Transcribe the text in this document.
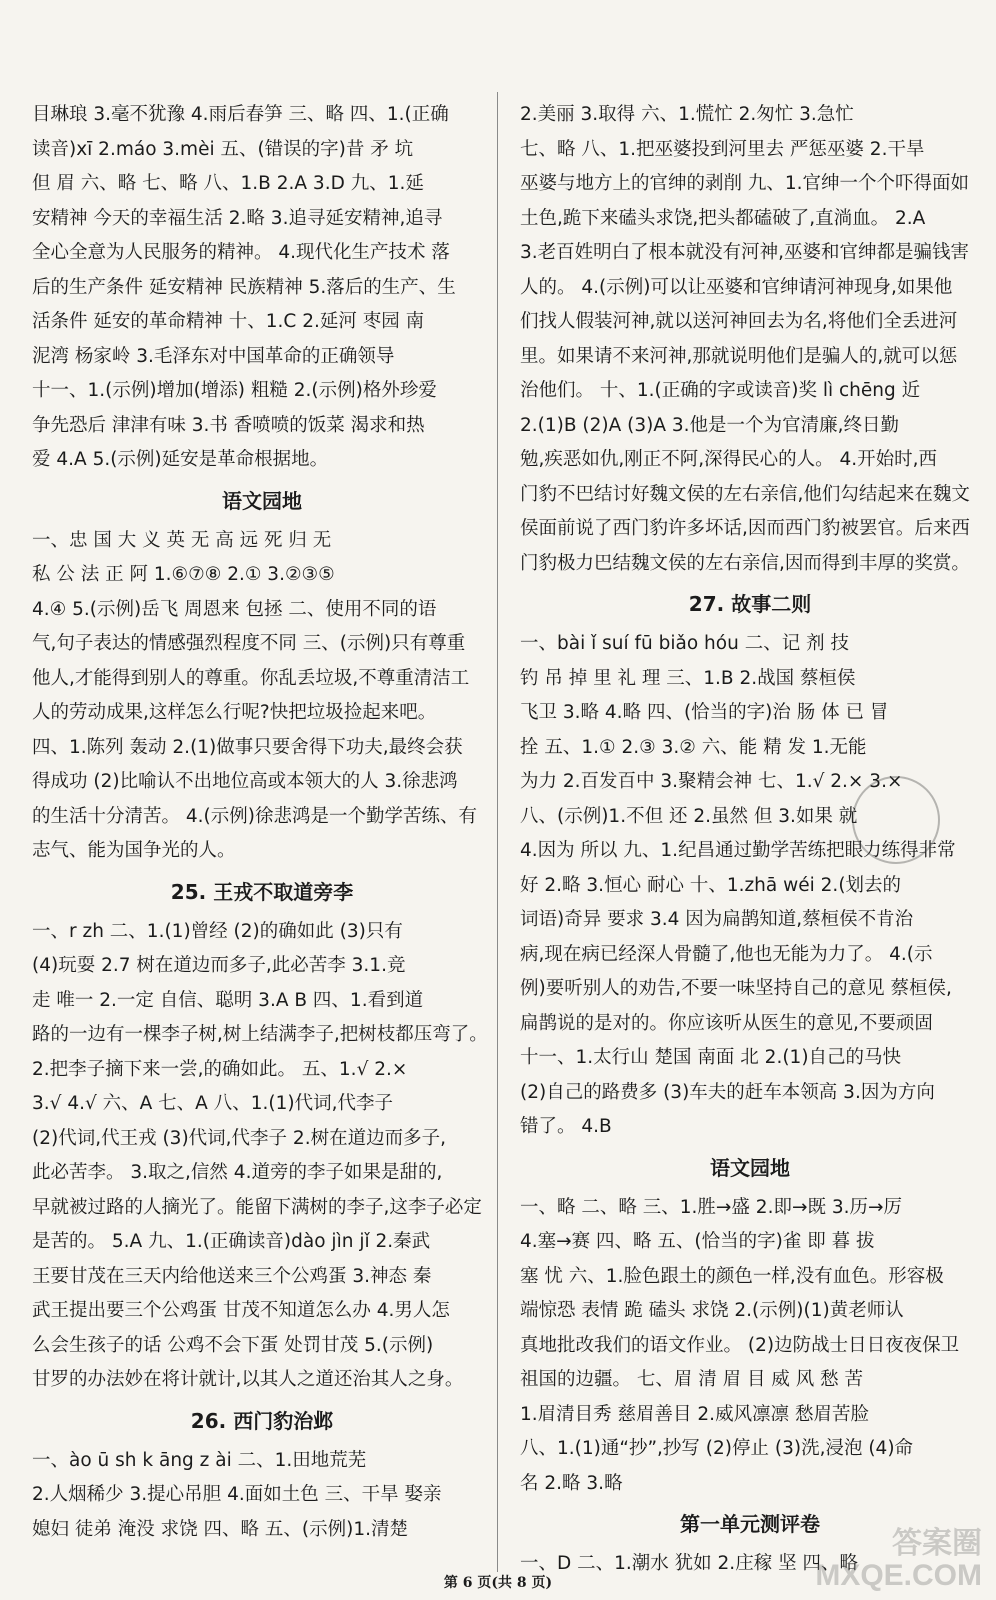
目琳琅 3.毫不犹豫 4.雨后春笋 三、略 四、1.(正确
读音)xī 2.máo 3.mèi 五、(错误的字)昔 矛 坑
但 眉 六、略 七、略 八、1.B 2.A 3.D 九、1.延
安精神 今天的幸福生活 2.略 3.追寻延安精神,追寻
全心全意为人民服务的精神。 4.现代化生产技术 落
后的生产条件 延安精神 民族精神 5.落后的生产、生
活条件 延安的革命精神 十、1.C 2.延河 枣园 南
泥湾 杨家岭 3.毛泽东对中国革命的正确领导
十一、1.(示例)增加(增添) 粗糙 2.(示例)格外珍爱
争先恐后 津津有味 3.书 香喷喷的饭菜 渴求和热
爱 4.A 5.(示例)延安是革命根据地。
语文园地
一、忠 国 大 义 英 无 高 远 死 归 无
私 公 法 正 阿 1.⑥⑦⑧ 2.① 3.②③⑤
4.④ 5.(示例)岳飞 周恩来 包拯 二、使用不同的语
气,句子表达的情感强烈程度不同 三、(示例)只有尊重
他人,才能得到别人的尊重。你乱丢垃圾,不尊重清洁工
人的劳动成果,这样怎么行呢?快把垃圾捡起来吧。
四、1.陈列 轰动 2.(1)做事只要舍得下功夫,最终会获
得成功 (2)比喻认不出地位高或本领大的人 3.徐悲鸿
的生活十分清苦。 4.(示例)徐悲鸿是一个勤学苦练、有
志气、能为国争光的人。
25. 王戎不取道旁李
一、r zh 二、1.(1)曾经 (2)的确如此 (3)只有
(4)玩耍 2.7 树在道边而多子,此必苦李 3.1.竞
走 唯一 2.一定 自信、聪明 3.A B 四、1.看到道
路的一边有一棵李子树,树上结满李子,把树枝都压弯了。
2.把李子摘下来一尝,的确如此。 五、1.√ 2.×
3.√ 4.√ 六、A 七、A 八、1.(1)代词,代李子
(2)代词,代王戎 (3)代词,代李子 2.树在道边而多子,
此必苦李。 3.取之,信然 4.道旁的李子如果是甜的,
早就被过路的人摘光了。能留下满树的李子,这李子必定
是苦的。 5.A 九、1.(正确读音)dào jìn jǐ 2.秦武
王要甘茂在三天内给他送来三个公鸡蛋 3.神态 秦
武王提出要三个公鸡蛋 甘茂不知道怎么办 4.男人怎
么会生孩子的话 公鸡不会下蛋 处罚甘茂 5.(示例)
甘罗的办法妙在将计就计,以其人之道还治其人之身。
26. 西门豹治邺
一、ào ū sh k āng z ài 二、1.田地荒芜
2.人烟稀少 3.提心吊胆 4.面如土色 三、干旱 娶亲
媳妇 徒弟 淹没 求饶 四、略 五、(示例)1.清楚
2.美丽 3.取得 六、1.慌忙 2.匆忙 3.急忙
七、略 八、1.把巫婆投到河里去 严惩巫婆 2.干旱
巫婆与地方上的官绅的剥削 九、1.官绅一个个吓得面如
土色,跪下来磕头求饶,把头都磕破了,直淌血。 2.A
3.老百姓明白了根本就没有河神,巫婆和官绅都是骗钱害
人的。 4.(示例)可以让巫婆和官绅请河神现身,如果他
们找人假装河神,就以送河神回去为名,将他们全丢进河
里。如果请不来河神,那就说明他们是骗人的,就可以惩
治他们。 十、1.(正确的字或读音)奖 lì chēng 近
2.(1)B (2)A (3)A 3.他是一个为官清廉,终日勤
勉,疾恶如仇,刚正不阿,深得民心的人。 4.开始时,西
门豹不巴结讨好魏文侯的左右亲信,他们勾结起来在魏文
侯面前说了西门豹许多坏话,因而西门豹被罢官。后来西
门豹极力巴结魏文侯的左右亲信,因而得到丰厚的奖赏。
27. 故事二则
一、bài ǐ suí fū biǎo hóu 二、记 剂 技
钓 吊 掉 里 礼 理 三、1.B 2.战国 蔡桓侯
飞卫 3.略 4.略 四、(恰当的字)治 肠 体 已 冒
拴 五、1.① 2.③ 3.② 六、能 精 发 1.无能
为力 2.百发百中 3.聚精会神 七、1.√ 2.× 3.×
八、(示例)1.不但 还 2.虽然 但 3.如果 就
4.因为 所以 九、1.纪昌通过勤学苦练把眼力练得非常
好 2.略 3.恒心 耐心 十、1.zhā wéi 2.(划去的
词语)奇异 要求 3.4 因为扁鹊知道,蔡桓侯不肯治
病,现在病已经深人骨髓了,他也无能为力了。 4.(示
例)要听别人的劝告,不要一味坚持自己的意见 蔡桓侯,
扁鹊说的是对的。你应该听从医生的意见,不要顽固
十一、1.太行山 楚国 南面 北 2.(1)自己的马快
(2)自己的路费多 (3)车夫的赶车本领高 3.因为方向
错了。 4.B
语文园地
一、略 二、略 三、1.胜→盛 2.即→既 3.历→厉
4.塞→赛 四、略 五、(恰当的字)雀 即 暮 拔
塞 忧 六、1.脸色跟土的颜色一样,没有血色。形容极
端惊恐 表情 跪 磕头 求饶 2.(示例)(1)黄老师认
真地批改我们的语文作业。 (2)边防战士日日夜夜保卫
祖国的边疆。 七、眉 清 眉 目 威 风 愁 苦
1.眉清目秀 慈眉善目 2.威风凛凛 愁眉苦脸
八、1.(1)通“抄”,抄写 (2)停止 (3)洗,浸泡 (4)命
名 2.略 3.略
第一单元测评卷
一、D 二、1.潮水 犹如 2.庄稼 坚 四、略
第 6 页(共 8 页)
答案圈
MXQE.COM
